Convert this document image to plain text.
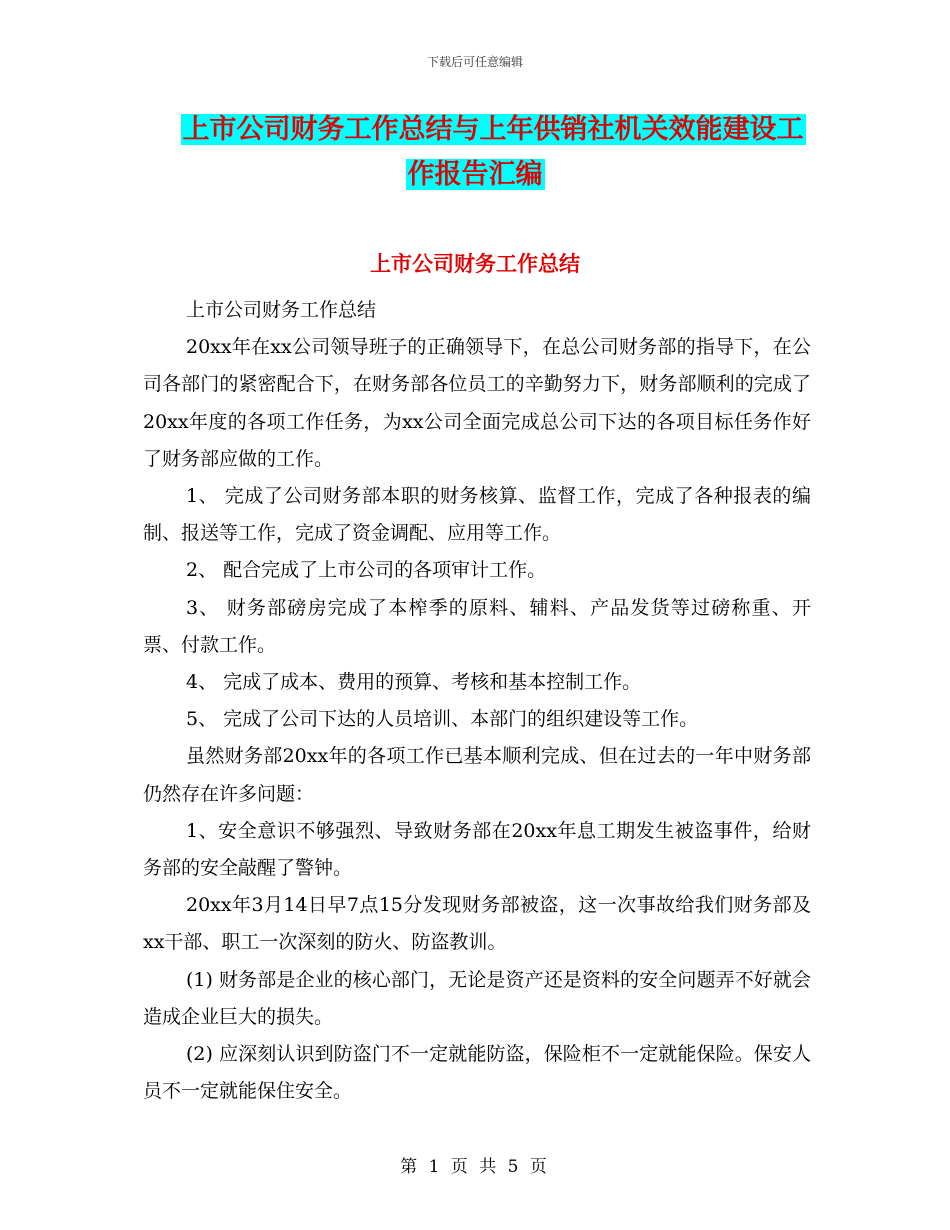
下载后可任意编辑
上市公司财务工作总结与上年供销社机关效能建设工
作报告汇编
上市公司财务工作总结

上市公司财务工作总结

20xx年在xx公司领导班子的正确领导下，在总公司财务部的指导下，在公司各部门的紧密配合下，在财务部各位员工的辛勤努力下，财务部顺利的完成了20xx年度的各项工作任务，为xx公司全面完成总公司下达的各项目标任务作好了财务部应做的工作。

1、 完成了公司财务部本职的财务核算、监督工作，完成了各种报表的编制、报送等工作，完成了资金调配、应用等工作。

2、 配合完成了上市公司的各项审计工作。

3、 财务部磅房完成了本榨季的原料、辅料、产品发货等过磅称重、开票、付款工作。

4、 完成了成本、费用的预算、考核和基本控制工作。

5、 完成了公司下达的人员培训、本部门的组织建设等工作。

虽然财务部20xx年的各项工作已基本顺利完成、但在过去的一年中财务部仍然存在许多问题：

1、安全意识不够强烈、导致财务部在20xx年息工期发生被盗事件，给财务部的安全敲醒了警钟。

20xx年3月14日早7点15分发现财务部被盗，这一次事故给我们财务部及xx干部、职工一次深刻的防火、防盗教训。

(1) 财务部是企业的核心部门，无论是资产还是资料的安全问题弄不好就会造成企业巨大的损失。

(2) 应深刻认识到防盗门不一定就能防盗，保险柜不一定就能保险。保安人员不一定就能保住安全。

第 1 页 共 5 页
